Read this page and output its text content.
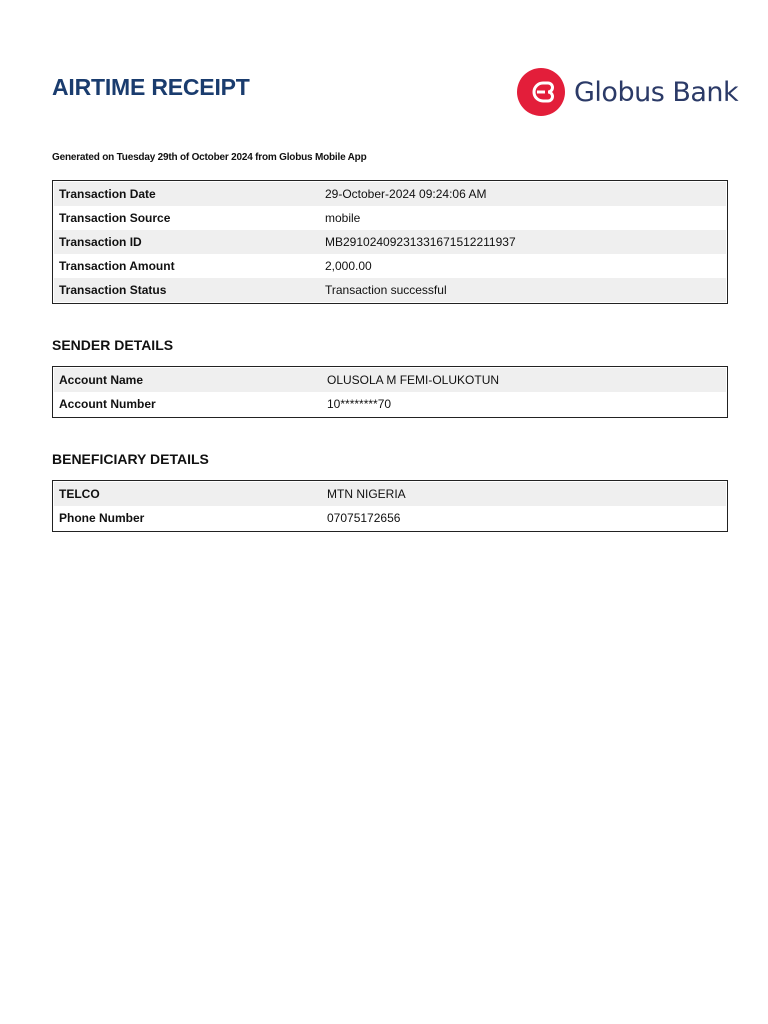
AIRTIME RECEIPT	Globus Bank
Generated on Tuesday 29th of October 2024 from Globus Mobile App
Transaction Date	29-October-2024 09:24:06 AM
Transaction Source	mobile
Transaction ID	MB29102409231331671512211937
Transaction Amount	2,000.00
Transaction Status	Transaction successful
SENDER DETAILS
Account Name	OLUSOLA M FEMI-OLUKOTUN
Account Number	10********70
BENEFICIARY DETAILS
TELCO	MTN NIGERIA
Phone Number	07075172656
